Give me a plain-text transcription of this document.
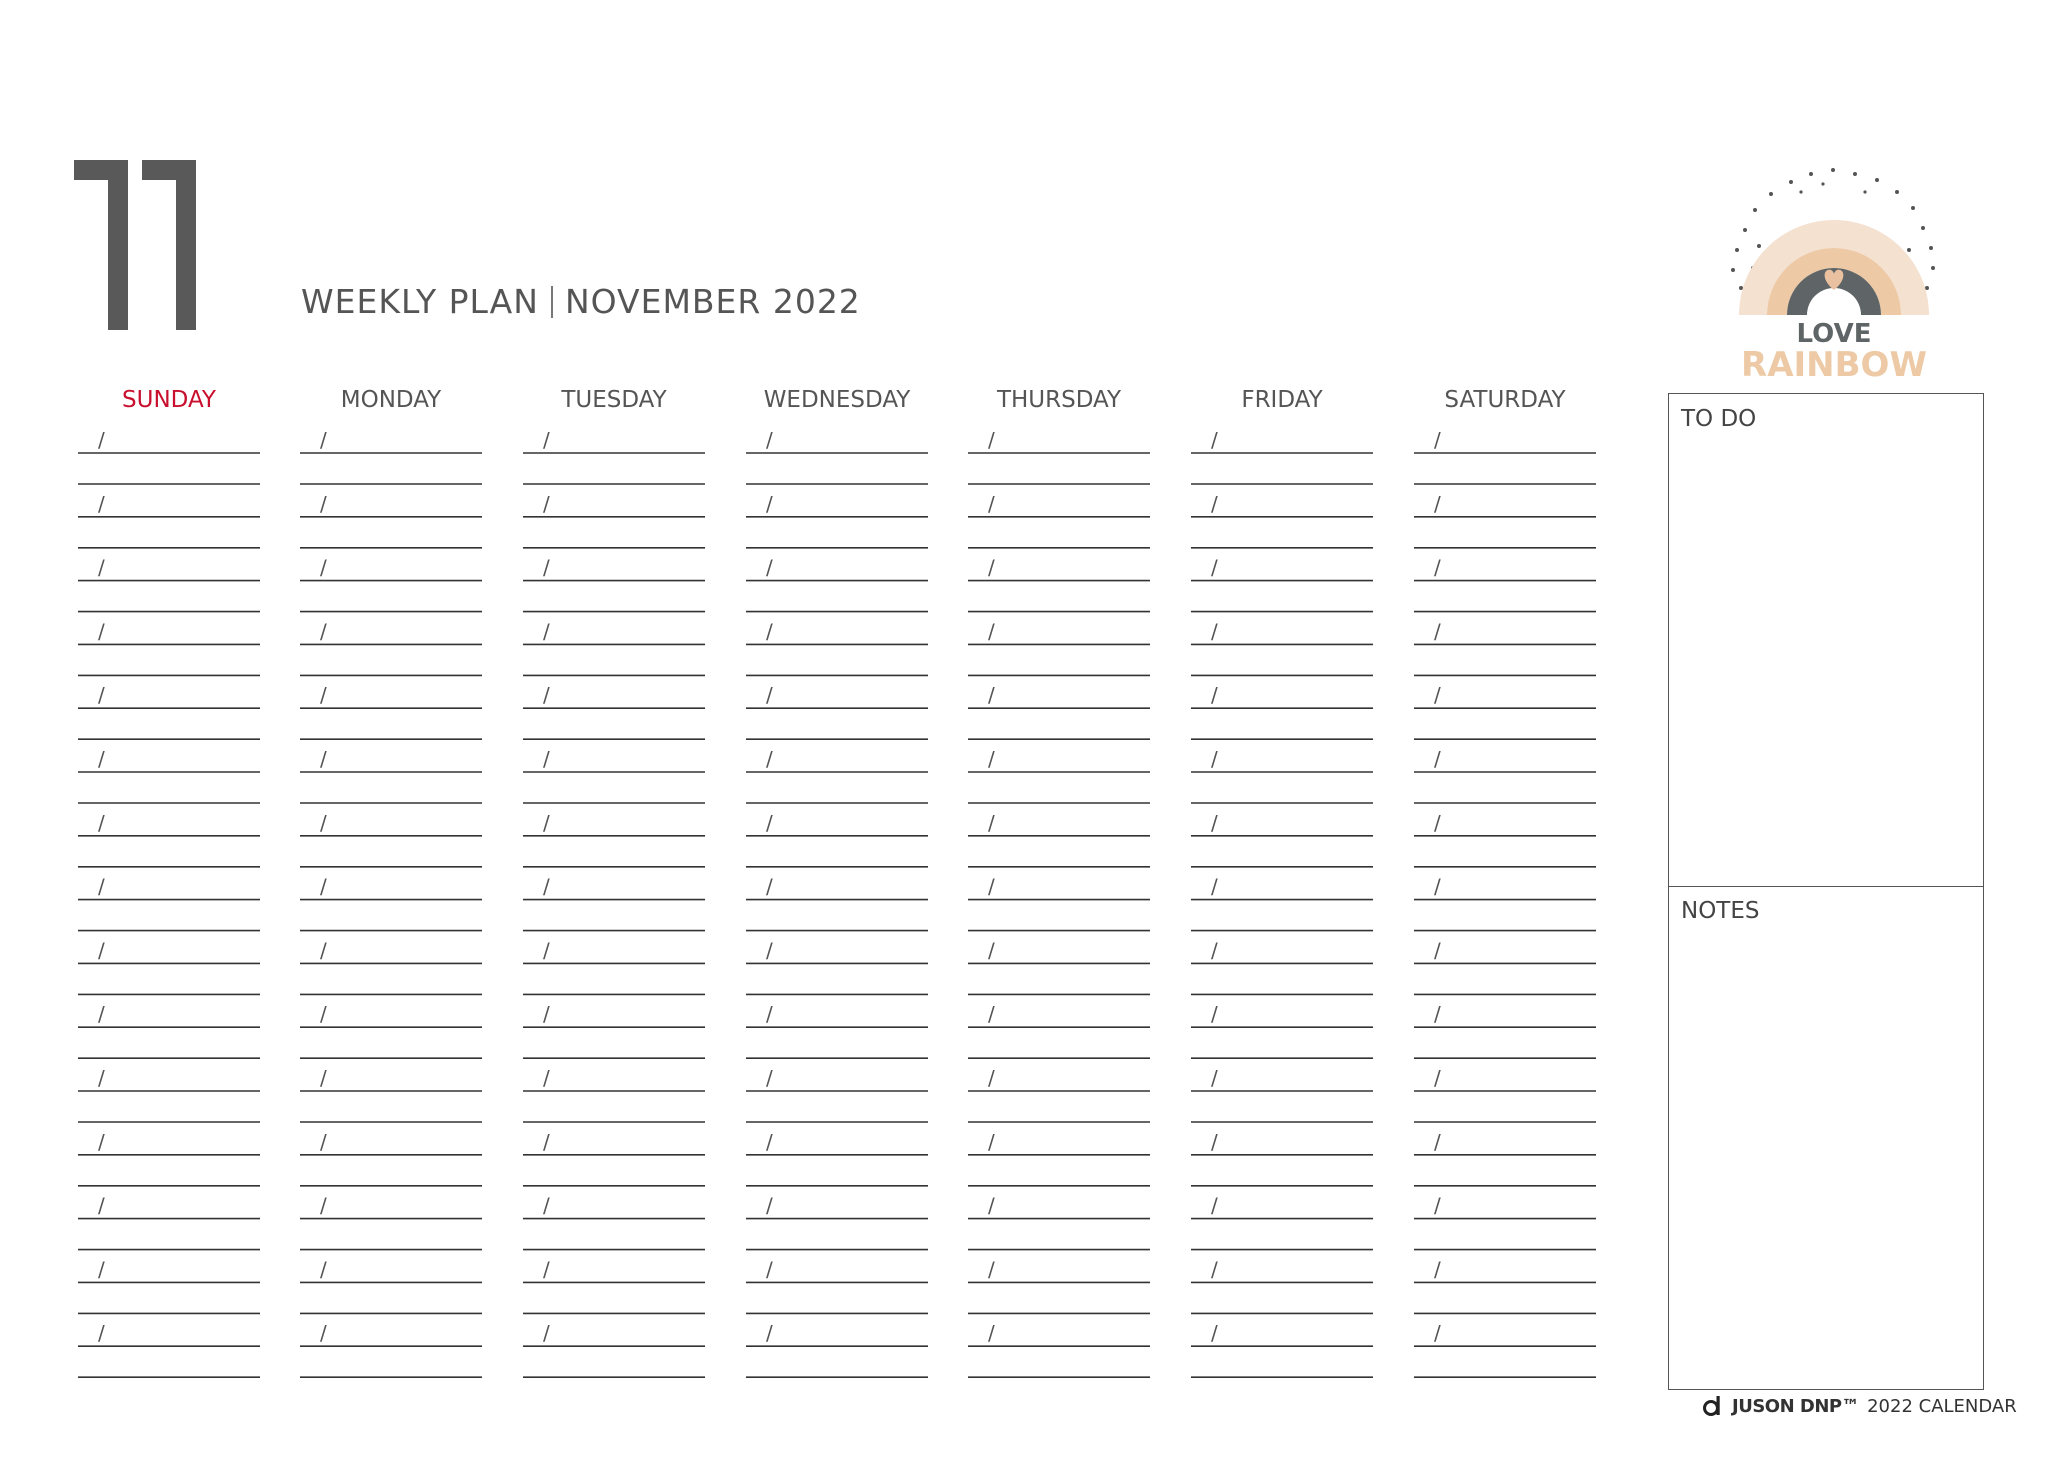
WEEKLY PLAN NOVEMBER 2022
LOVE
RAINBOW
SUNDAY
/
/
/
/
/
/
/
/
/
/
/
/
/
/
/
MONDAY
/
/
/
/
/
/
/
/
/
/
/
/
/
/
/
TUESDAY
/
/
/
/
/
/
/
/
/
/
/
/
/
/
/
WEDNESDAY
/
/
/
/
/
/
/
/
/
/
/
/
/
/
/
THURSDAY
/
/
/
/
/
/
/
/
/
/
/
/
/
/
/
FRIDAY
/
/
/
/
/
/
/
/
/
/
/
/
/
/
/
SATURDAY
/
/
/
/
/
/
/
/
/
/
/
/
/
/
/
TO DO
NOTES
JUSON DNP™ 2022 CALENDAR
